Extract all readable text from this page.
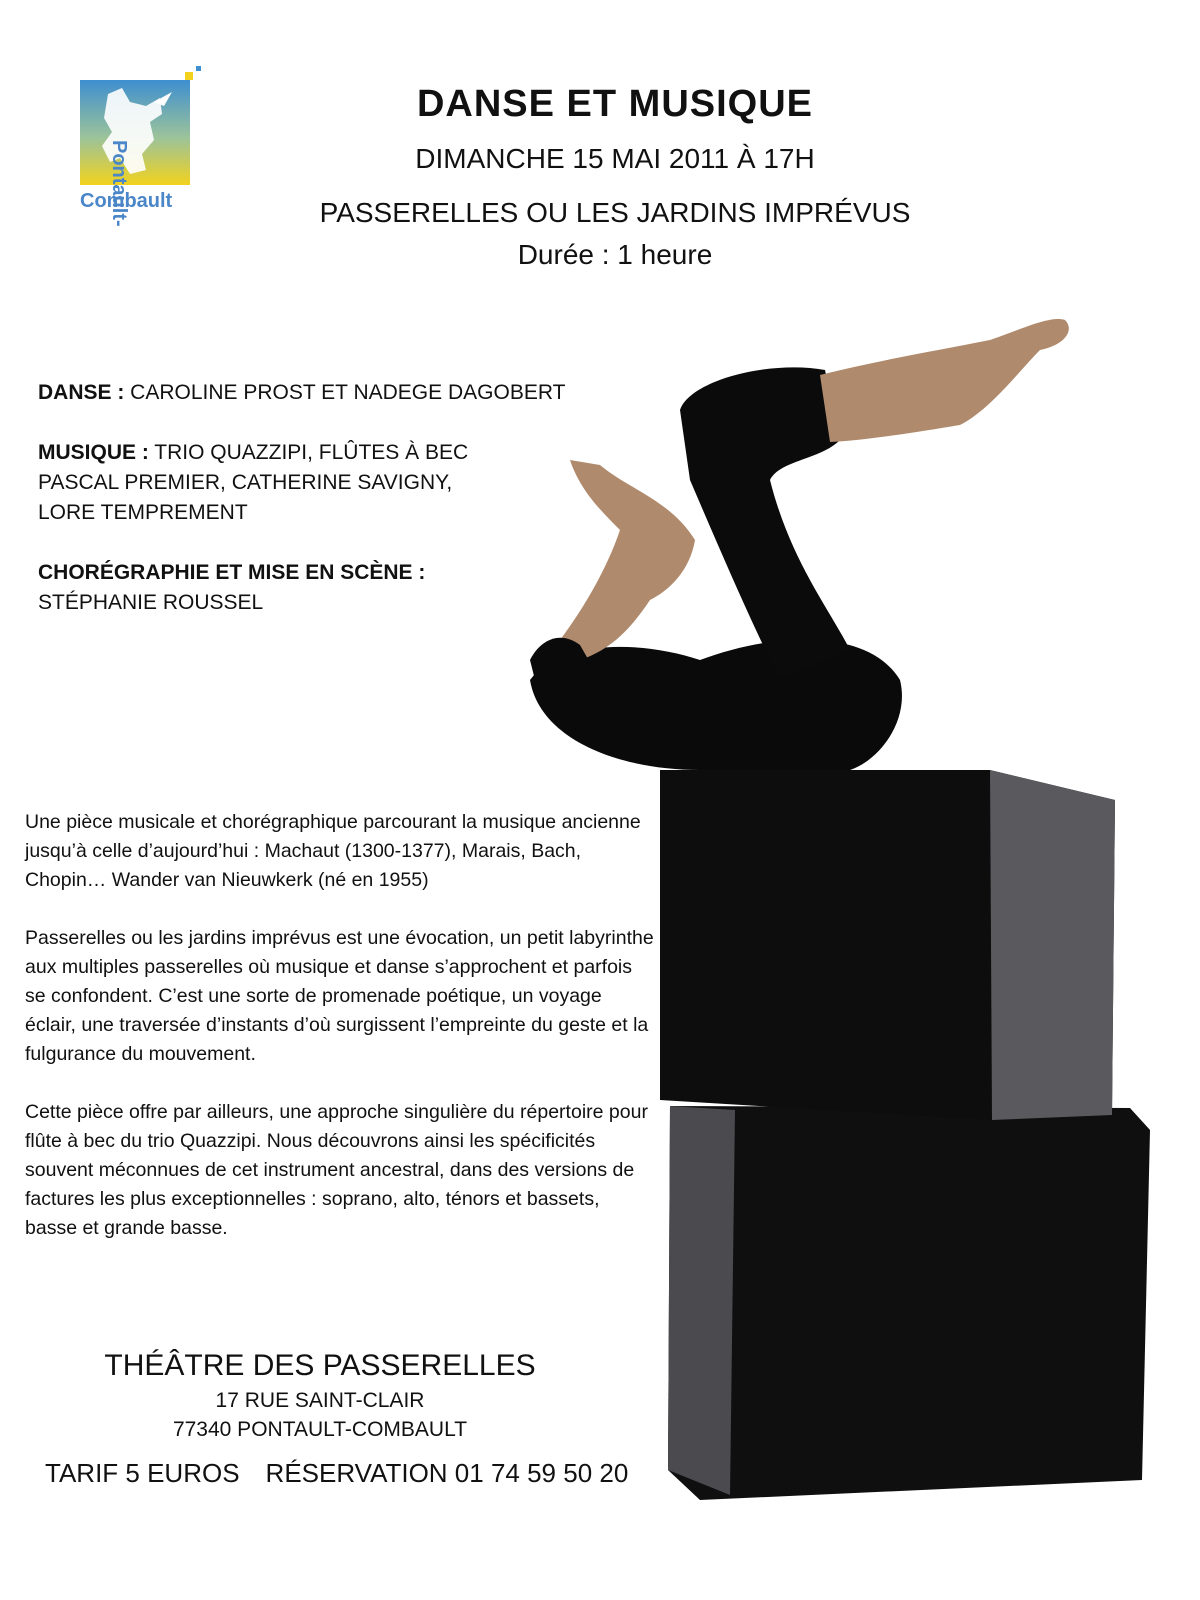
Pontault-
Combault
DANSE ET MUSIQUE
DIMANCHE 15 MAI 2011 À 17H
PASSERELLES OU LES JARDINS IMPRÉVUS
Durée : 1 heure
DANSE : CAROLINE PROST ET NADEGE DAGOBERT
MUSIQUE : TRIO QUAZZIPI, FLÛTES À BEC
PASCAL PREMIER, CATHERINE SAVIGNY,
LORE TEMPREMENT
CHORÉGRAPHIE ET MISE EN SCÈNE :
STÉPHANIE ROUSSEL

Une pièce musicale et chorégraphique parcourant la musique ancienne jusqu’à celle d’aujourd’hui : Machaut (1300-1377), Marais, Bach, Chopin… Wander van Nieuwkerk (né en 1955)

Passerelles ou les jardins imprévus est une évocation, un petit labyrinthe aux multiples passerelles où musique et danse s’approchent et parfois se confondent. C’est une sorte de promenade poétique, un voyage éclair, une traversée d’instants d’où surgissent l’empreinte du geste et la fulgurance du mouvement.

Cette pièce offre par ailleurs, une approche singulière du répertoire pour flûte à bec du trio Quazzipi. Nous découvrons ainsi les spécificités souvent méconnues de cet instrument ancestral, dans des versions de factures les plus exceptionnelles : soprano, alto, ténors et bassets, basse et grande basse.

THÉÂTRE DES PASSERELLES
17 RUE SAINT-CLAIR
77340 PONTAULT-COMBAULT
TARIF 5 EUROS RÉSERVATION 01 74 59 50 20
